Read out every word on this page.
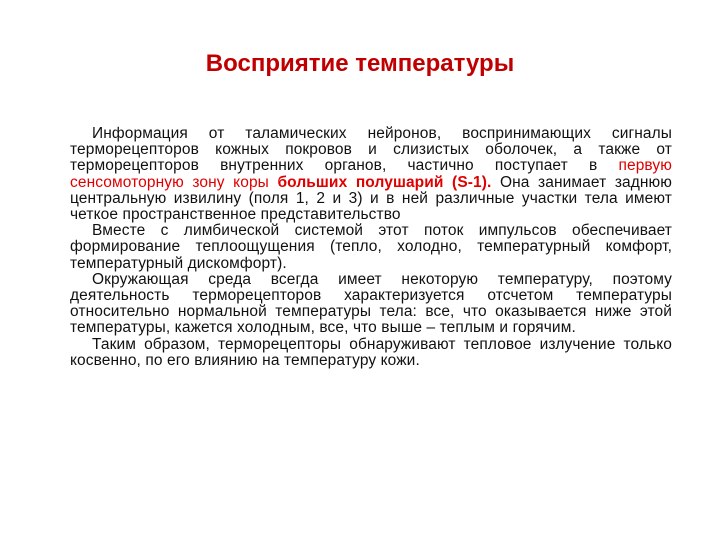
Восприятие температуры

Информация от таламических нейронов, воспринимающих сигналы терморецепторов кожных покровов и слизистых оболочек, а также от терморецепторов внутренних органов, частично поступает в первую сенсомоторную зону коры больших полушарий (S-1). Она занимает заднюю центральную извилину (поля 1, 2 и 3) и в ней различные участки тела имеют четкое пространственное представительство

Вместе с лимбической системой этот поток импульсов обеспечивает формирование теплоощущения (тепло, холодно, температурный комфорт, температурный дискомфорт).

Окружающая среда всегда имеет некоторую температуру, поэтому деятельность терморецепторов характеризуется отсчетом температуры относительно нормальной температуры тела: все, что оказывается ниже этой температуры, кажется холодным, все, что выше – теплым и горячим.

Таким образом, терморецепторы обнаруживают тепловое излучение только косвенно, по его влиянию на температуру кожи.
